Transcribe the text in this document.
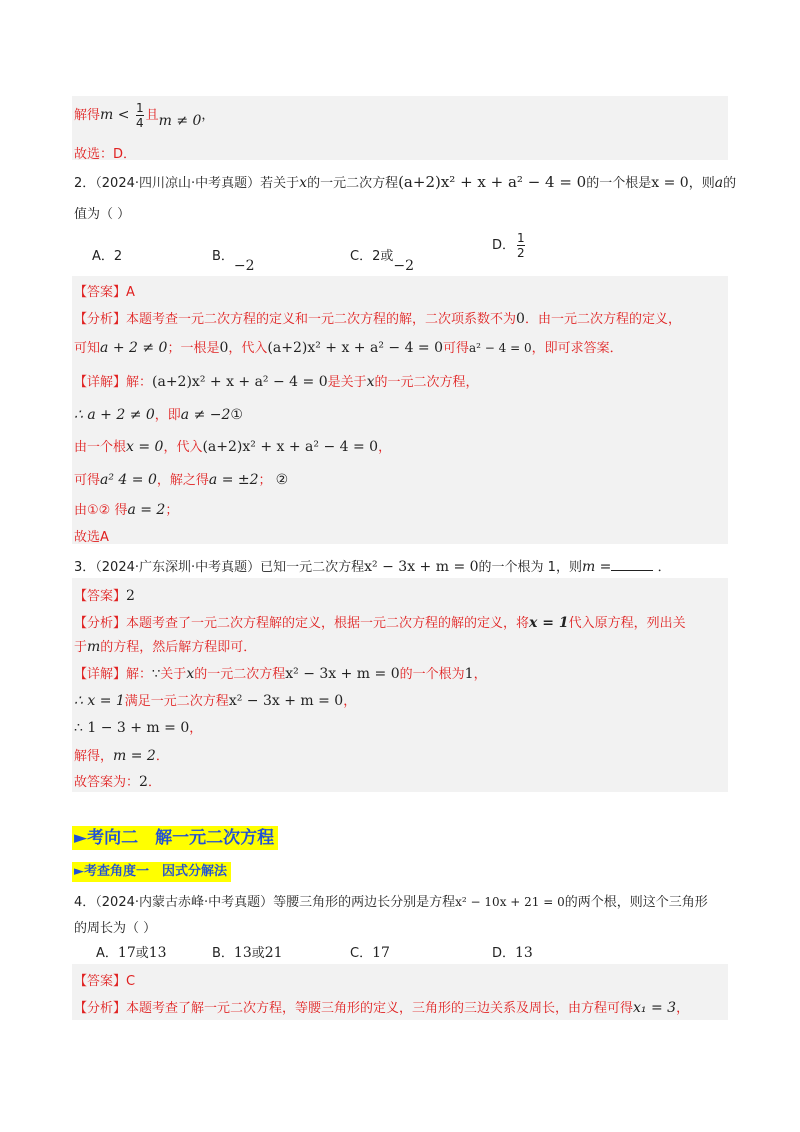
解得$m < \frac{1}{4}$ 且m ≠ 0，
故选：D．
2．（2024·四川凉山·中考真题）若关于x的一元二次方程(a+2)x² + x + a² − 4 = 0的一个根是x = 0，则a的
值为（ ）
A．2	B．−2
C．2或−2
D． $\frac{1}{2}$
【答案】A
【分析】本题考查一元二次方程的定义和一元二次方程的解，二次项系数不为0．由一元二次方程的定义，
可知a + 2 ≠ 0；一根是0，代入(a+2)x² + x + a² − 4 = 0可得a² − 4 = 0，即可求答案．
【详解】解：(a+2)x² + x + a² − 4 = 0是关于x的一元二次方程，
∴ a + 2 ≠ 0，即a ≠ −2①
由一个根x = 0，代入(a+2)x² + x + a² − 4 = 0，
可得a² 4 = 0，解之得a = ±2； ②
由①② 得a = 2；
故选A
3．（2024·广东深圳·中考真题）已知一元二次方程x² − 3x + m = 0的一个根为 1，则m =	．
【答案】2
【分析】本题考查了一元二次方程解的定义，根据一元二次方程的解的定义，将x = 1代入原方程，列出关
于m的方程，然后解方程即可．
【详解】解：∵关于x的一元二次方程x² − 3x + m = 0的一个根为1，
∴ x = 1满足一元二次方程x² − 3x + m = 0，
∴ 1 − 3 + m = 0，
解得，m = 2．
故答案为：2．
►考向二　解一元二次方程
►考查角度一　因式分解法
4．（2024·内蒙古赤峰·中考真题）等腰三角形的两边长分别是方程x² − 10x + 21 = 0的两个根，则这个三角形
的周长为（ ）
A．17或13	B．13或21	C．17	D．13
【答案】C
【分析】本题考查了解一元二次方程，等腰三角形的定义，三角形的三边关系及周长，由方程可得x₁ = 3，
